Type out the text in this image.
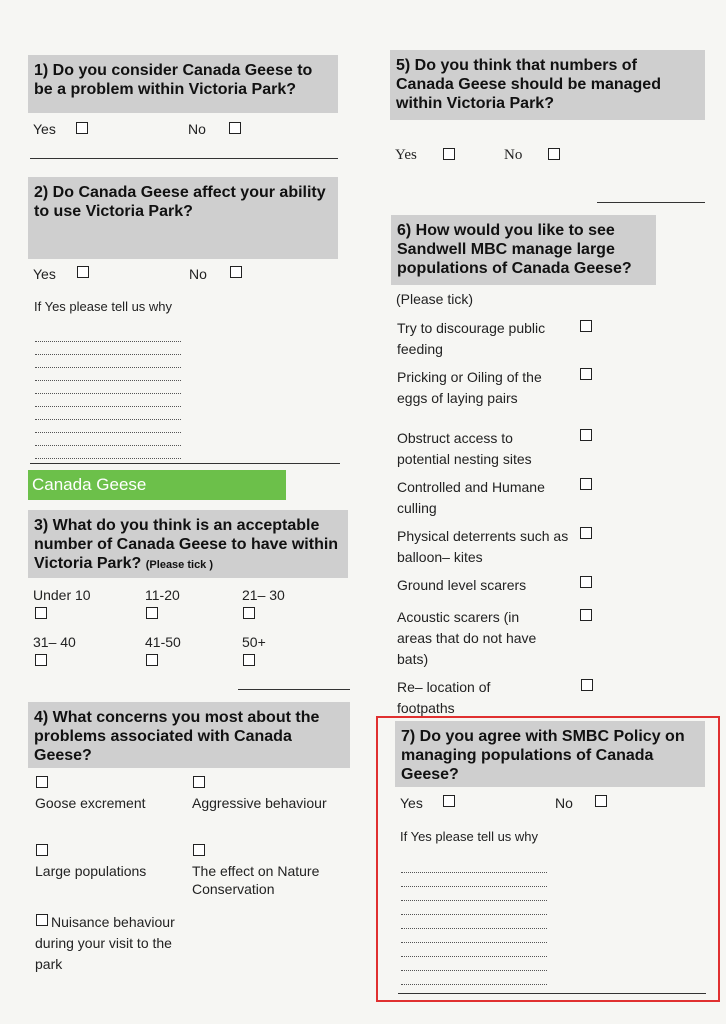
1) Do you consider Canada Geese to be a problem within Victoria Park?
Yes	No
2) Do Canada Geese affect your ability to use Victoria Park?
Yes	No
If Yes please tell us why
Canada Geese
3) What do you think is an acceptable number of Canada Geese to have within Victoria Park? (Please tick )
Under 10	11-20	21– 30
31– 40	41-50	50+
4) What concerns you most about the problems associated with Canada Geese?
Goose excrement	Aggressive behaviour
Large populations	The effect on Nature Conservation
Nuisance behaviour during your visit to the park
5) Do you think that numbers of Canada Geese should be managed within Victoria Park?
Yes	No
6) How would you like to see Sandwell MBC manage large populations of Canada Geese?
(Please tick)
Try to discourage public feeding
Pricking or Oiling of the eggs of laying pairs
Obstruct access to potential nesting sites
Controlled and Humane culling
Physical deterrents such as balloon– kites
Ground level scarers
Acoustic scarers (in areas that do not have bats)
Re– location of footpaths
7) Do you agree with SMBC Policy on managing populations of Canada Geese?
Yes	No
If Yes please tell us why
